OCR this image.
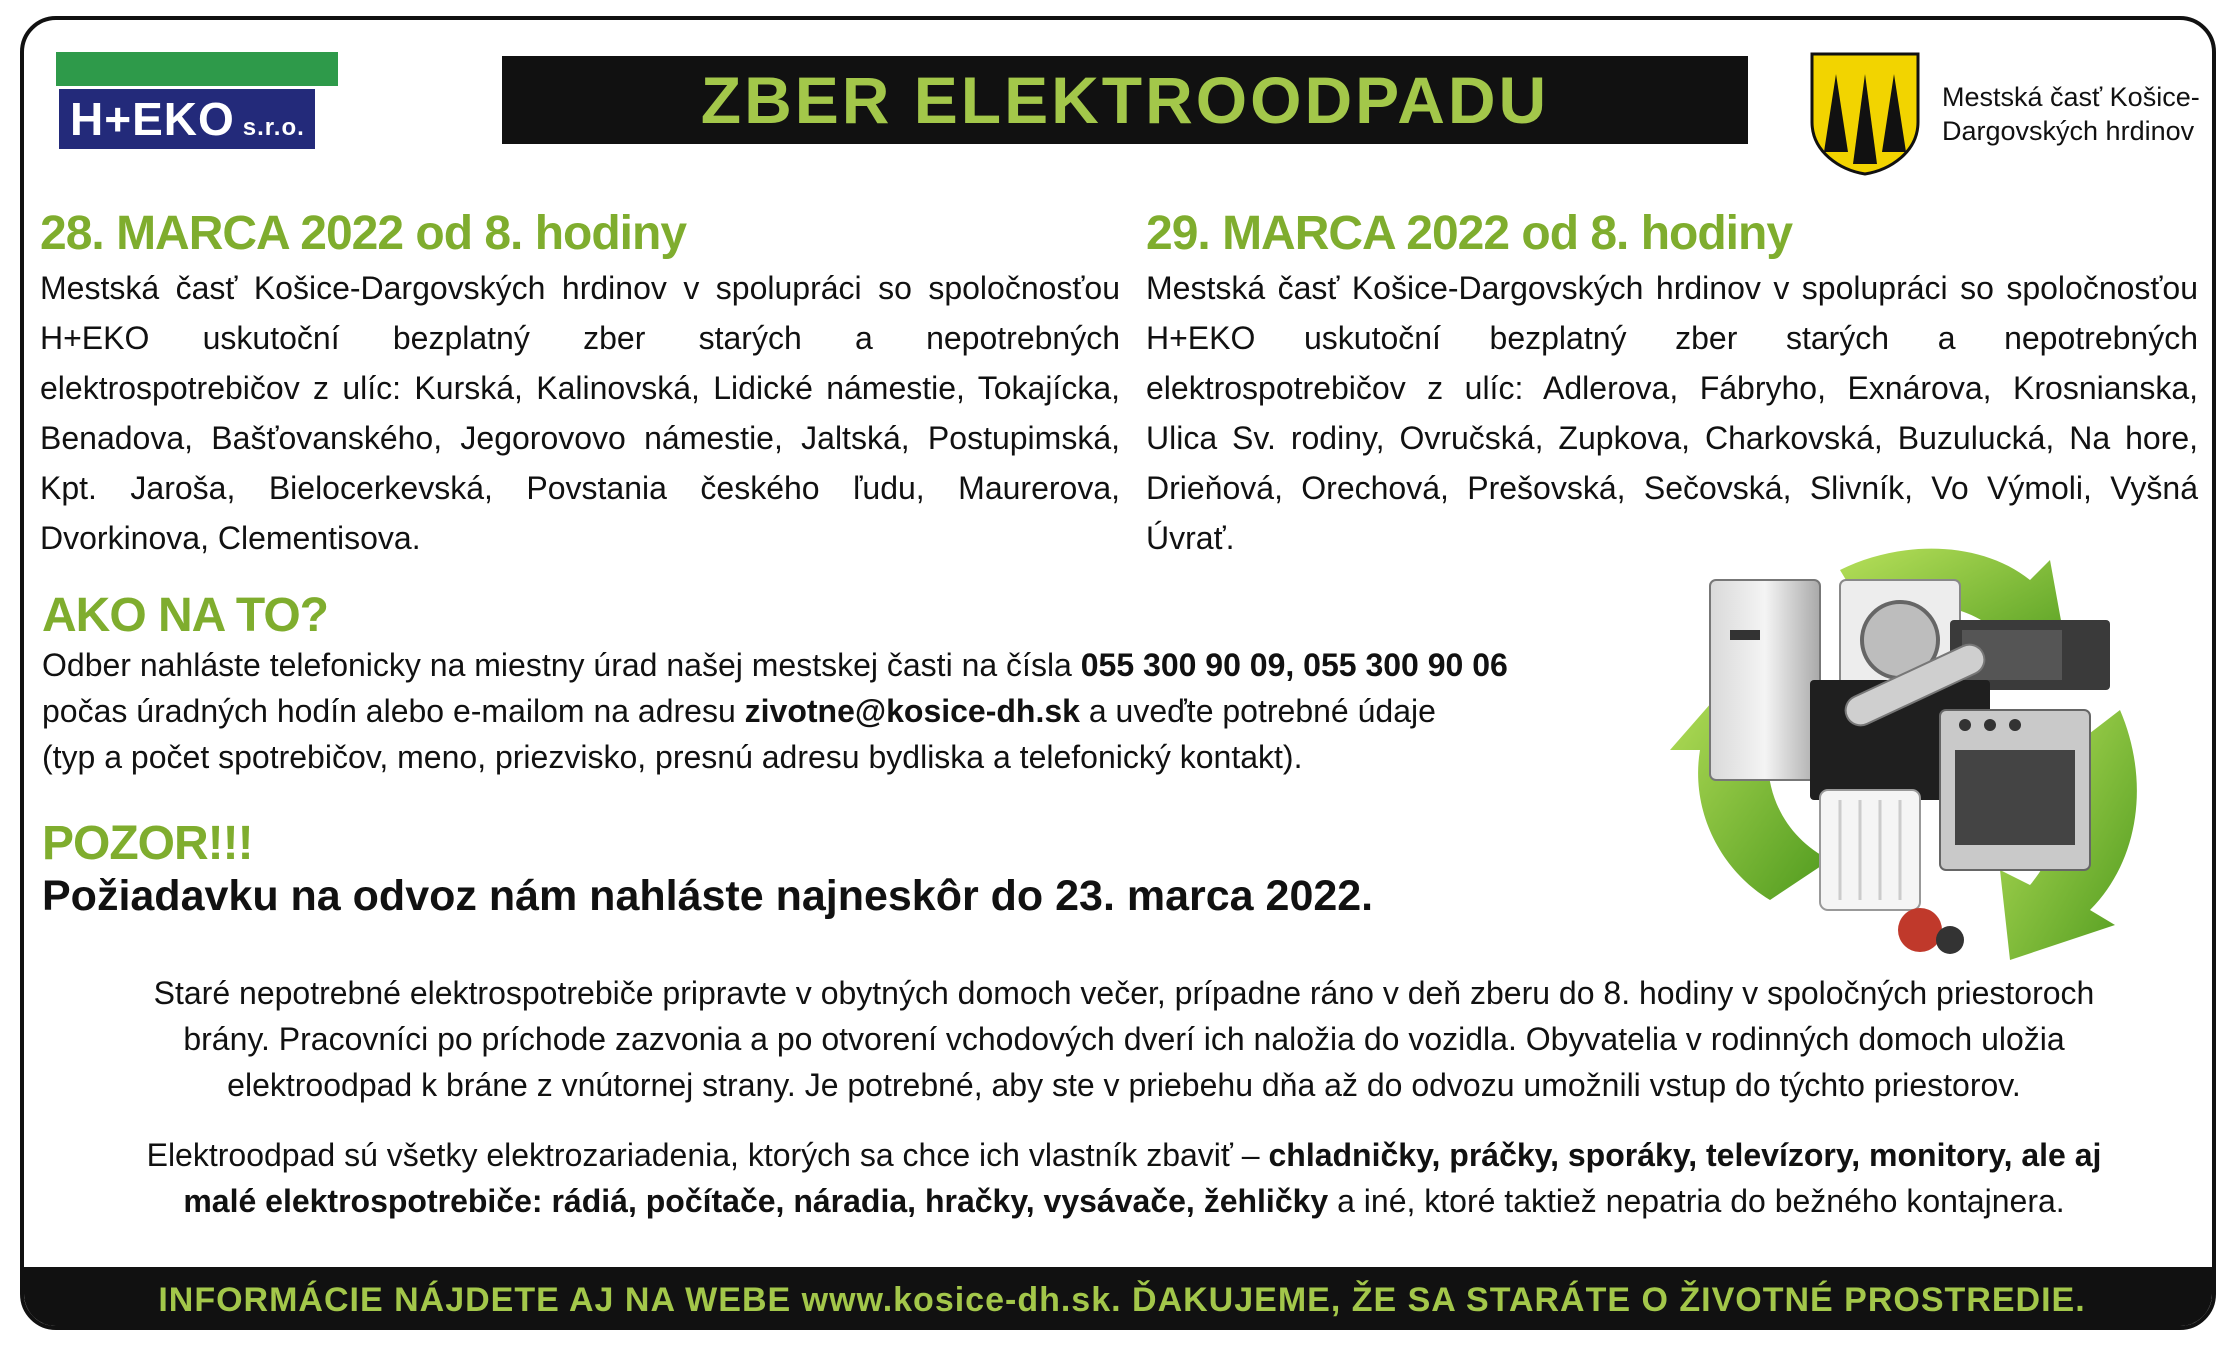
H+EKO s.r.o.	ZBER ELEKTROODPADU	Mestská časť Košice-
Dargovských hrdinov
28. MARCA 2022 od 8. hodiny
Mestská časť Košice-Dargovských hrdinov v spolupráci so spoločnosťou H+EKO uskutoční bezplatný zber starých a nepotrebných elektrospotrebičov z ulíc: Kurská, Kalinovská, Lidické námestie, Tokajícka, Benadova, Bašťovanského, Jegorovovo námestie, Jaltská, Postupimská, Kpt. Jaroša, Bielocerkevská, Povstania českého ľudu, Maurerova, Dvorkinova, Clementisova.
29. MARCA 2022 od 8. hodiny
Mestská časť Košice-Dargovských hrdinov v spolupráci so spoločnosťou H+EKO uskutoční bezplatný zber starých a nepotrebných elektrospotrebičov z ulíc: Adlerova, Fábryho, Exnárova, Krosnianska, Ulica Sv. rodiny, Ovručská, Zupkova, Charkovská, Buzulucká, Na hore, Drieňová, Orechová, Prešovská, Sečovská, Slivník, Vo Výmoli, Vyšná Úvrať.
AKO NA TO?
Odber nahláste telefonicky na miestny úrad našej mestskej časti na čísla 055 300 90 09, 055 300 90 06
počas úradných hodín alebo e-mailom na adresu zivotne@kosice-dh.sk a uveďte potrebné údaje
(typ a počet spotrebičov, meno, priezvisko, presnú adresu bydliska a telefonický kontakt).
POZOR!!!
Požiadavku na odvoz nám nahláste najneskôr do 23. marca 2022.
Staré nepotrebné elektrospotrebiče pripravte v obytných domoch večer, prípadne ráno v deň zberu do 8. hodiny v spoločných priestoroch
brány. Pracovníci po príchode zazvonia a po otvorení vchodových dverí ich naložia do vozidla. Obyvatelia v rodinných domoch uložia
elektroodpad k bráne z vnútornej strany. Je potrebné, aby ste v priebehu dňa až do odvozu umožnili vstup do týchto priestorov.
Elektroodpad sú všetky elektrozariadenia, ktorých sa chce ich vlastník zbaviť – chladničky, práčky, sporáky, televízory, monitory, ale aj
malé elektrospotrebiče: rádiá, počítače, náradia, hračky, vysávače, žehličky a iné, ktoré taktiež nepatria do bežného kontajnera.
INFORMÁCIE NÁJDETE AJ NA WEBE www.kosice-dh.sk. ĎAKUJEME, ŽE SA STARÁTE O ŽIVOTNÉ PROSTREDIE.
